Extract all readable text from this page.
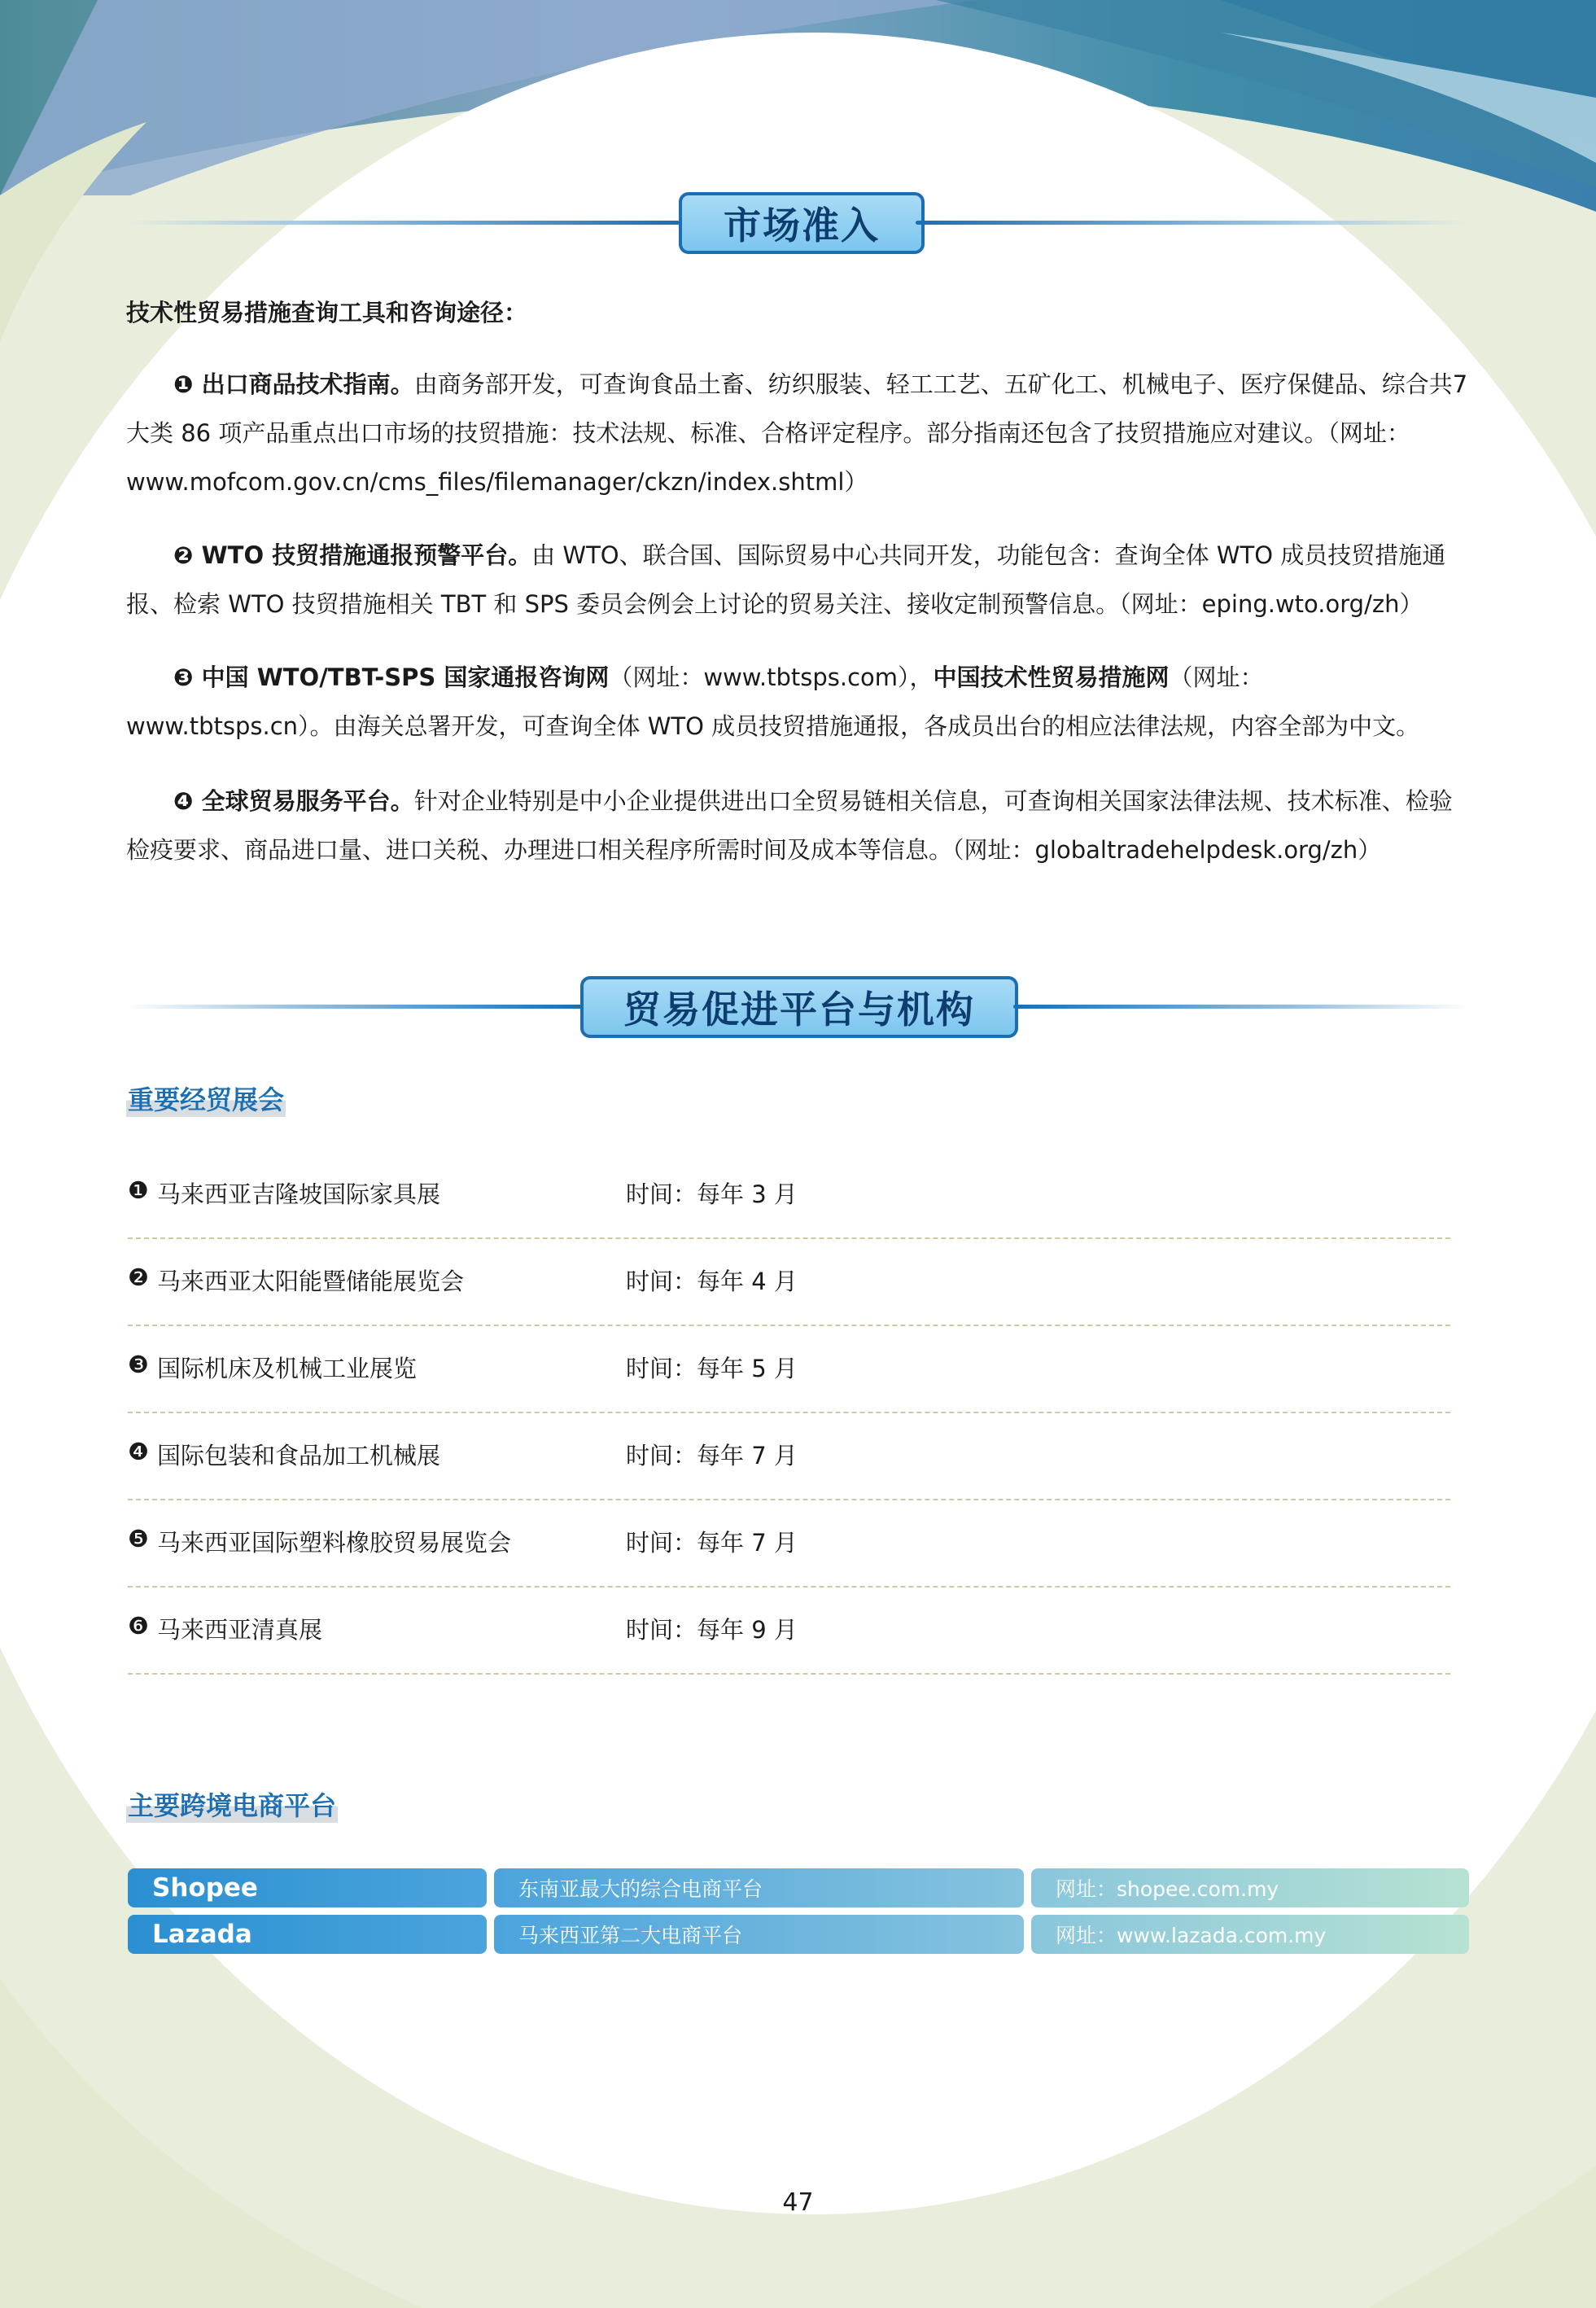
市场准入
技术性贸易措施查询工具和咨询途径：
❶ 出口商品技术指南。由商务部开发，可查询食品土畜、纺织服装、轻工工艺、五矿化工、机械电子、医疗保健品、综合共7 大类 86 项产品重点出口市场的技贸措施：技术法规、标准、合格评定程序。部分指南还包含了技贸措施应对建议。（网址：www.mofcom.gov.cn/cms_files/filemanager/ckzn/index.shtml）
❷ WTO 技贸措施通报预警平台。由 WTO、联合国、国际贸易中心共同开发，功能包含：查询全体 WTO 成员技贸措施通报、检索 WTO 技贸措施相关 TBT 和 SPS 委员会例会上讨论的贸易关注、接收定制预警信息。（网址：eping.wto.org/zh）
❸ 中国 WTO/TBT-SPS 国家通报咨询网（网址：www.tbtsps.com），中国技术性贸易措施网（网址：www.tbtsps.cn）。由海关总署开发，可查询全体 WTO 成员技贸措施通报，各成员出台的相应法律法规，内容全部为中文。
❹ 全球贸易服务平台。针对企业特别是中小企业提供进出口全贸易链相关信息，可查询相关国家法律法规、技术标准、检验检疫要求、商品进口量、进口关税、办理进口相关程序所需时间及成本等信息。（网址：globaltradehelpdesk.org/zh）
贸易促进平台与机构
重要经贸展会
❶ 马来西亚吉隆坡国际家具展	时间：每年 3 月
❷ 马来西亚太阳能暨储能展览会	时间：每年 4 月
❸ 国际机床及机械工业展览	时间：每年 5 月
❹ 国际包装和食品加工机械展	时间：每年 7 月
❺ 马来西亚国际塑料橡胶贸易展览会	时间：每年 7 月
❻ 马来西亚清真展	时间：每年 9 月
主要跨境电商平台
Shopee	东南亚最大的综合电商平台	网址：shopee.com.my
Lazada	马来西亚第二大电商平台	网址：www.lazada.com.my
47
